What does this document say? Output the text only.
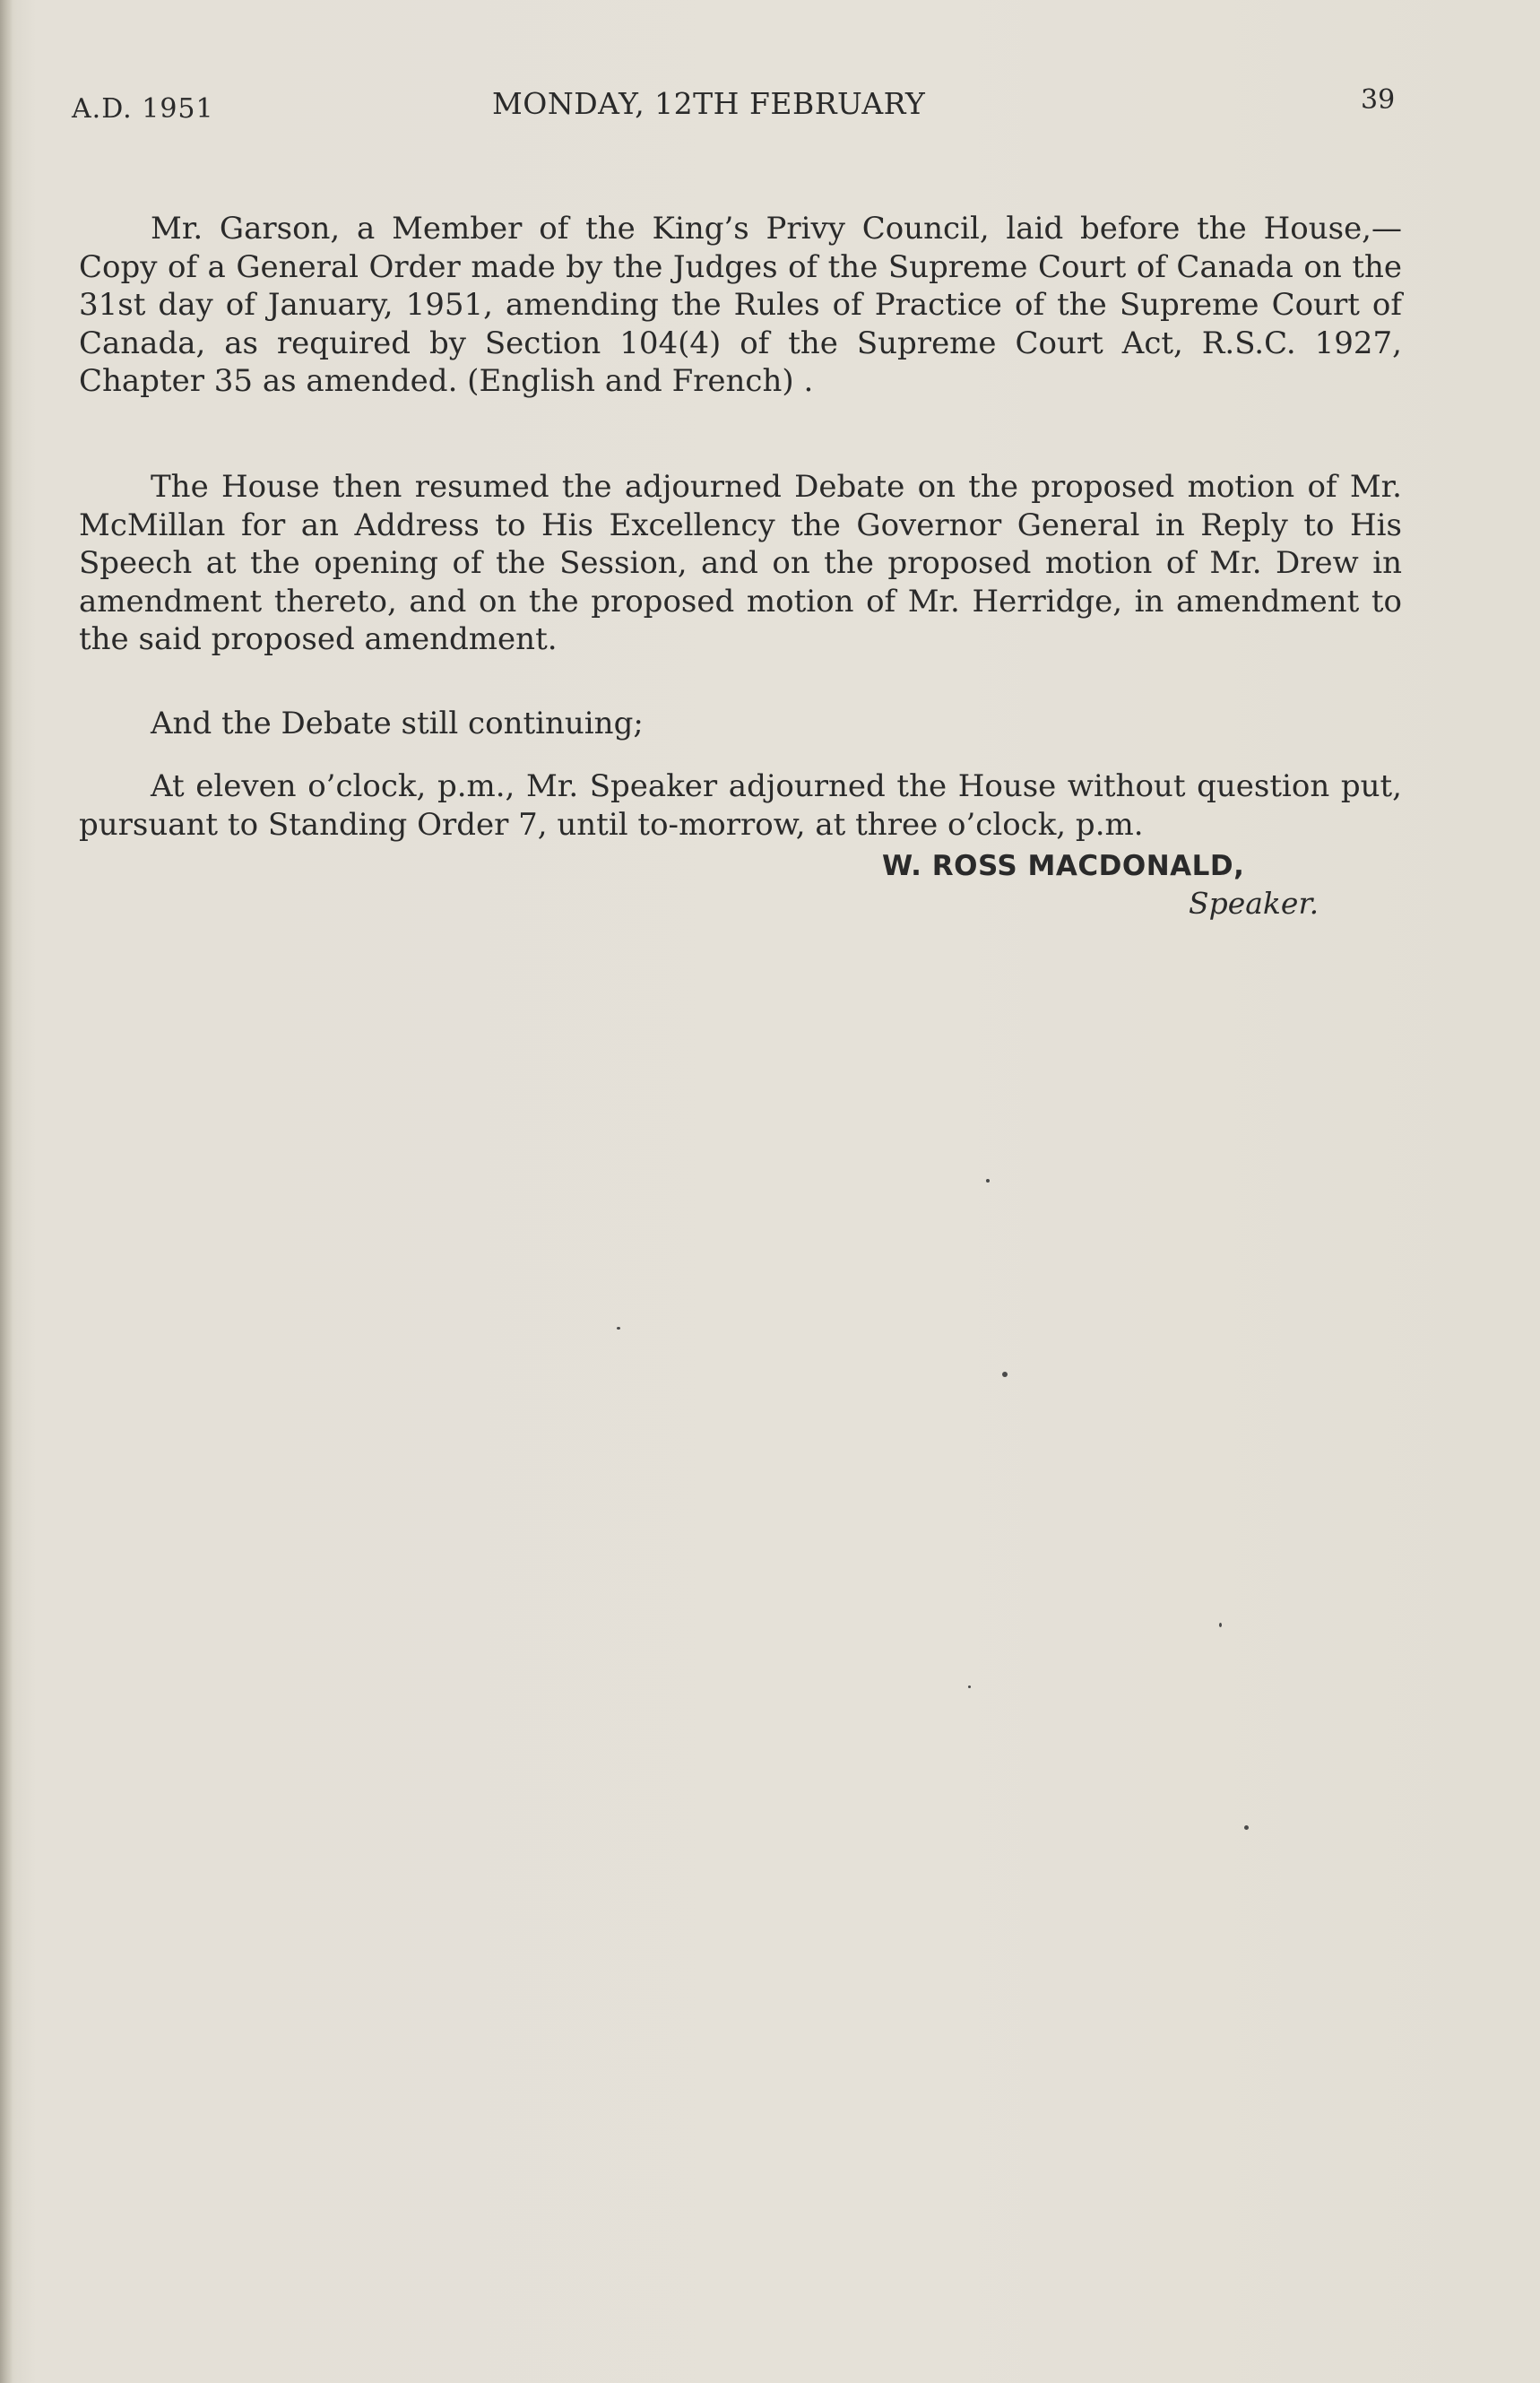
A.D. 1951	MONDAY, 12TH FEBRUARY	39

Mr. Garson, a Member of the King’s Privy Council, laid before the House,— Copy of a General Order made by the Judges of the Supreme Court of Canada on the 31st day of January, 1951, amending the Rules of Practice of the Supreme Court of Canada, as required by Section 104(4) of the Supreme Court Act, R.S.C. 1927, Chapter 35 as amended. (English and French) .

The House then resumed the adjourned Debate on the proposed motion of Mr. McMillan for an Address to His Excellency the Governor General in Reply to His Speech at the opening of the Session, and on the proposed motion of Mr. Drew in amendment thereto, and on the proposed motion of Mr. Herridge, in amendment to the said proposed amendment.

And the Debate still continuing;

At eleven o’clock, p.m., Mr. Speaker adjourned the House without question put, pursuant to Standing Order 7, until to-morrow, at three o’clock, p.m.

W. ROSS MACDONALD,
Speaker.
